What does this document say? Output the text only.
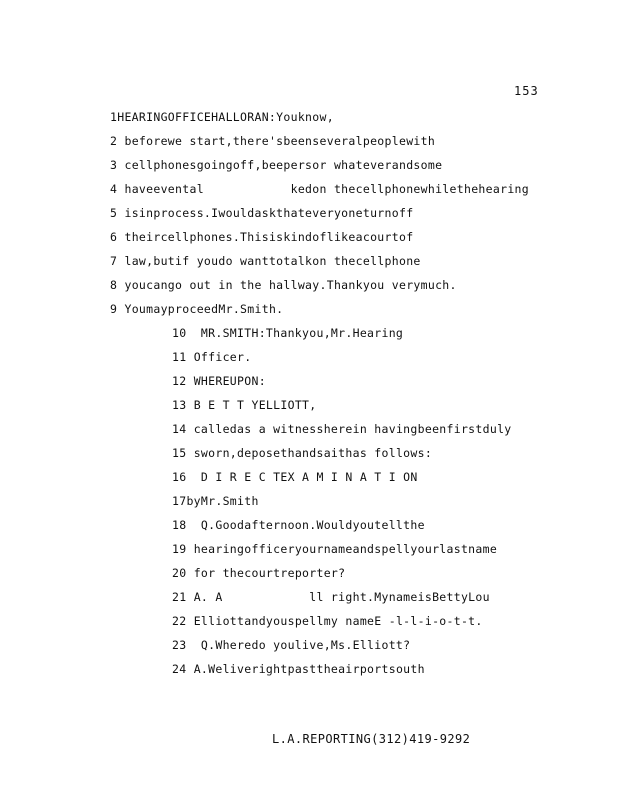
153
1HEARINGOFFICEHALLORAN:Youknow,
2 beforewe start,there'sbeenseveralpeoplewith
3 cellphonesgoingoff,beepersor whateverandsome
4 haveevental            kedon thecellphonewhilethehearing
5 isinprocess.Iwouldaskthateveryoneturnoff
6 theircellphones.Thisiskindoflikeacourtof
7 law,butif youdo wanttotalkon thecellphone
8 youcango out in the hallway.Thankyou verymuch.
9 YoumayproceedMr.Smith.
10  MR.SMITH:Thankyou,Mr.Hearing
11 Officer.
12 WHEREUPON:
13 B E T T YELLIOTT,
14 calledas a witnessherein havingbeenfirstduly
15 sworn,deposethandsaithas follows:
16  D I R E C TEX A M I N A T I ON
17byMr.Smith
18  Q.Goodafternoon.Wouldyoutellthe
19 hearingofficeryournameandspellyourlastname
20 for thecourtreporter?
21 A. A            ll right.MynameisBettyLou
22 Elliottandyouspellmy nameE -l-l-i-o-t-t.
23  Q.Wheredo youlive,Ms.Elliott?
24 A.Weliverightpasttheairportsouth
L.A.REPORTING(312)419-9292
